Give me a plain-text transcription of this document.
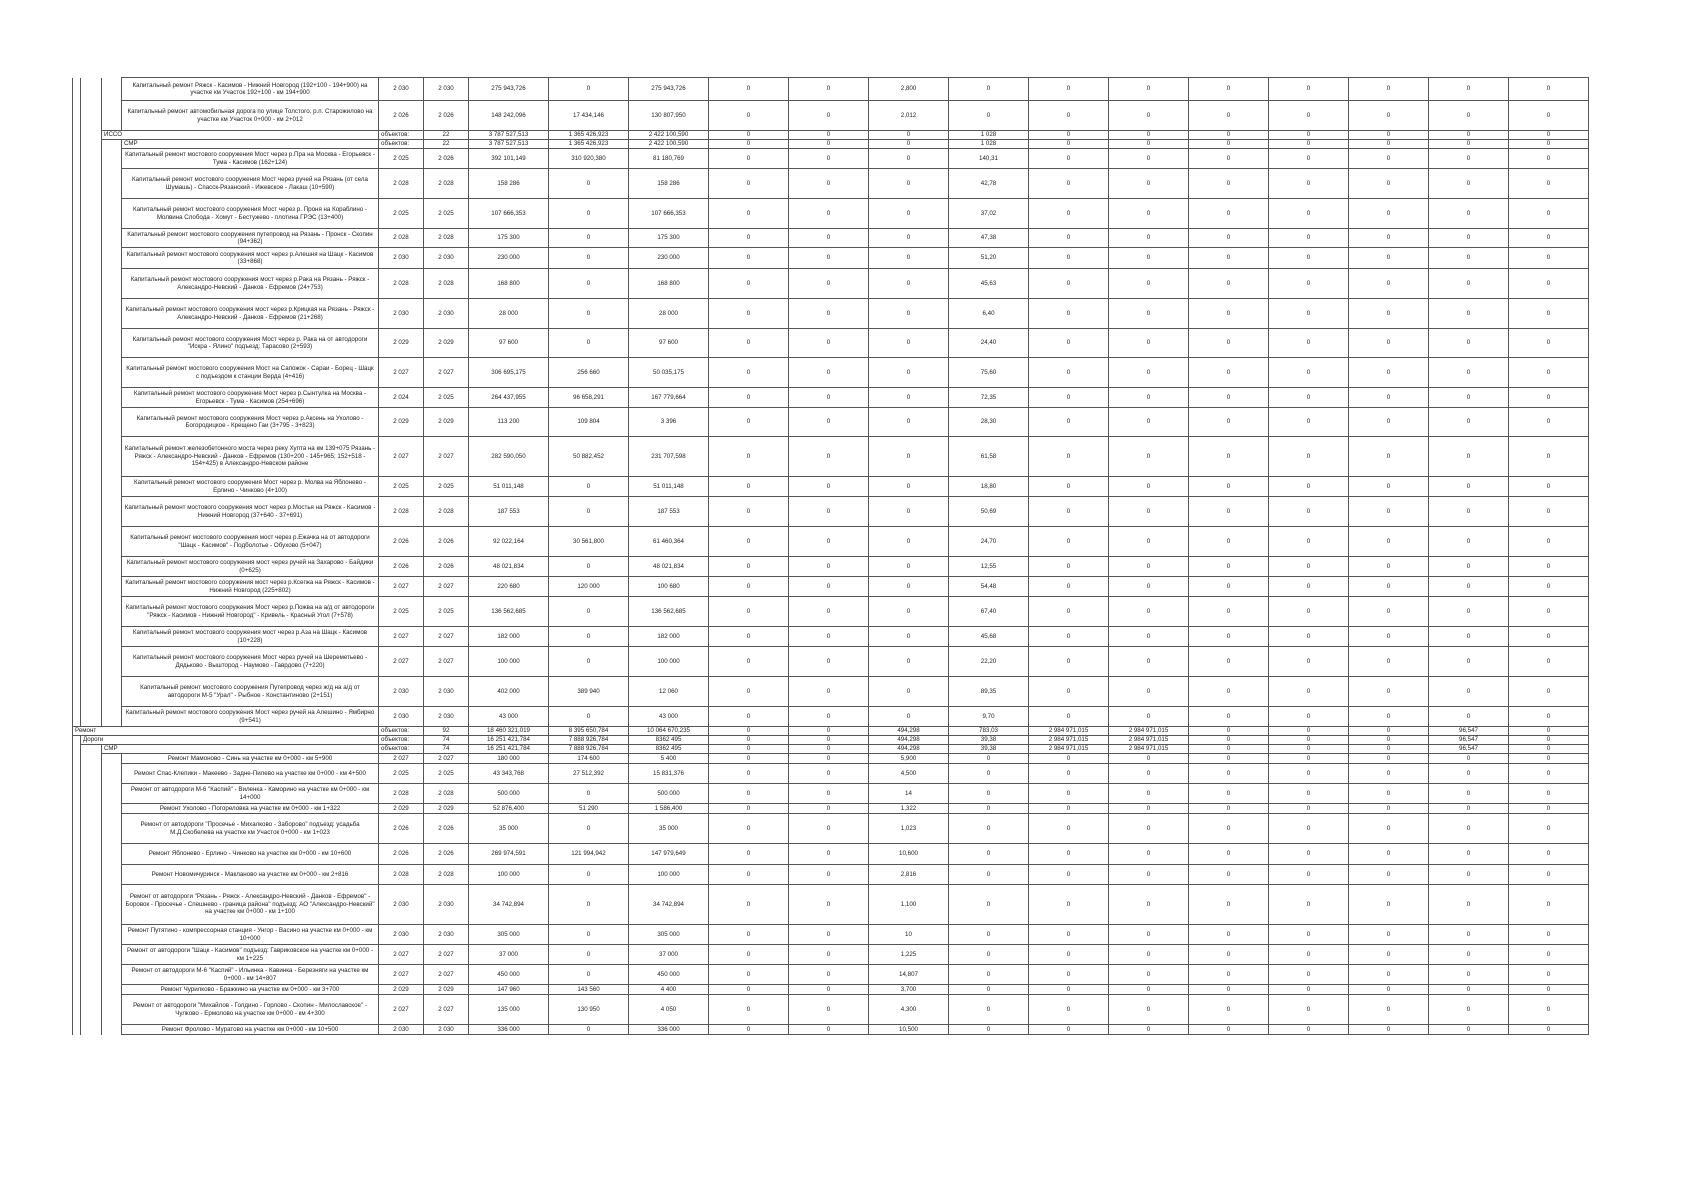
			Капитальный ремонт Ряжск - Касимов - Нижний Новгород (192+100 - 194+900) на участке км Участок 192+100 - км 194+900	2 030	2 030	275 943,726	0	275 943,726	0	0	2,800	0	0	0	0	0	0	0	0
			Капитальный ремонт автомобильная дорога по улице Толстого, р.п. Старожилово на участке км Участок 0+000 - км 2+012	2 026	2 026	148 242,096	17 434,146	130 807,950	0	0	2,012	0	0	0	0	0	0	0	0
		ИССО		объектов:	22	3 787 527,513	1 365 426,923	2 422 100,590	0	0	0	1 028	0	0	0	0	0	0	0
			СМР	объектов:	22	3 787 527,513	1 365 426,923	2 422 100,590	0	0	0	1 028	0	0	0	0	0	0	0
			Капитальный ремонт мостового сооружения Мост через р.Пра на Москва - Егорьевск - Тума - Касимов (162+124)	2 025	2 026	392 101,149	310 920,380	81 180,769	0	0	0	140,31	0	0	0	0	0	0	0
			Капитальный ремонт мостового сооружения Мост через ручей на Рязань (от села Шумашь) - Спасск-Рязанский - Ижевское - Лакаш (10+590)	2 028	2 028	158 286	0	158 286	0	0	0	42,78	0	0	0	0	0	0	0
			Капитальный ремонт мостового сооружения Мост через р. Проня на Кораблино - Молвина Слобода - Хомут - Бестужево - плотина ГРЭС (13+400)	2 025	2 025	107 666,353	0	107 666,353	0	0	0	37,02	0	0	0	0	0	0	0
			Капитальный ремонт мостового сооружения путепровод на Рязань - Пронск - Скопин (94+362)	2 028	2 028	175 300	0	175 300	0	0	0	47,38	0	0	0	0	0	0	0
			Капитальный ремонт мостового сооружения мост через р.Алешня на Шацк - Касимов (33+868)	2 030	2 030	230 000	0	230 000	0	0	0	51,20	0	0	0	0	0	0	0
			Капитальный ремонт мостового сооружения мост через р.Рака на Рязань - Ряжск - Александро-Невский - Данков - Ефремов (24+753)	2 028	2 028	168 800	0	168 800	0	0	0	45,63	0	0	0	0	0	0	0
			Капитальный ремонт мостового сооружения мост через р.Крицкая на Рязань - Ряжск - Александро-Невский - Данков - Ефремов (21+268)	2 030	2 030	28 000	0	28 000	0	0	0	6,40	0	0	0	0	0	0	0
			Капитальный ремонт мостового сооружения Мост через р. Рака на от автодороги "Искра - Ялино" подъезд: Тарасово (2+593)	2 029	2 029	97 600	0	97 600	0	0	0	24,40	0	0	0	0	0	0	0
			Капитальный ремонт мостового сооружения Мост на Сапожок - Сараи - Борец - Шацк с подъездом к станции Верда (4+416)	2 027	2 027	306 695,175	256 660	50 035,175	0	0	0	75,60	0	0	0	0	0	0	0
			Капитальный ремонт мостового сооружения Мост через р.Сынтулка на Москва - Егорьевск - Тума - Касимов (254+696)	2 024	2 025	264 437,955	96 658,291	167 779,664	0	0	0	72,35	0	0	0	0	0	0	0
			Капитальный ремонт мостового сооружения Мост через р.Аксень на Ухолово - Богородицкое - Крещено Гаи (3+795 - 3+823)	2 029	2 029	113 200	109 804	3 396	0	0	0	28,30	0	0	0	0	0	0	0
			Капитальный ремонт железобетонного моста через реку Хупта на км 139+075 Рязань - Ряжск - Александро-Невский - Данков - Ефремов (130+200 - 145+965; 152+518 - 154+425) в Александро-Невском районе	2 027	2 027	282 590,050	50 882,452	231 707,598	0	0	0	61,58	0	0	0	0	0	0	0
			Капитальный ремонт мостового сооружения Мост через р. Молва на Яблонево - Ерлино - Чинково (4+100)	2 025	2 025	51 011,148	0	51 011,148	0	0	0	18,80	0	0	0	0	0	0	0
			Капитальный ремонт мостового сооружения мост через р.Мостья на Ряжск - Касимов - Нижний Новгород (37+640 - 37+691)	2 028	2 028	187 553	0	187 553	0	0	0	50,69	0	0	0	0	0	0	0
			Капитальный ремонт мостового сооружения мост через р.Ежачка на от автодороги "Шацк - Касимов" - Подболотье - Обухово (5+047)	2 026	2 026	92 022,164	30 561,800	61 460,364	0	0	0	24,70	0	0	0	0	0	0	0
			Капитальный ремонт мостового сооружения мост через ручей на Захарово - Байдики (0+625)	2 026	2 026	48 021,834	0	48 021,834	0	0	0	12,55	0	0	0	0	0	0	0
			Капитальный ремонт мостового сооружения мост через р.Ксегжа на Ряжск - Касимов - Нижний Новгород (225+802)	2 027	2 027	220 680	120 000	100 680	0	0	0	54,48	0	0	0	0	0	0	0
			Капитальный ремонт мостового сооружения Мост через р.Пожва на а/д от автодороги "Ряжск - Касимов - Нижний Новгород" - Кривель - Красный Угол (7+578)	2 025	2 025	136 562,685	0	136 562,685	0	0	0	67,40	0	0	0	0	0	0	0
			Капитальный ремонт мостового сооружения мост через р.Аза на Шацк - Касимов (10+228)	2 027	2 027	182 000	0	182 000	0	0	0	45,68	0	0	0	0	0	0	0
			Капитальный ремонт мостового сооружения Мост через ручей на Шереметьево - Дядьково - Выштород - Наумово - Гаврдово (7+220)	2 027	2 027	100 000	0	100 000	0	0	0	22,20	0	0	0	0	0	0	0
			Капитальный ремонт мостового сооружения Путепровод через ж/д на а/д от автодороги М-5 "Урал" - Рыбное - Константиново (2+151)	2 030	2 030	402 000	389 940	12 060	0	0	0	89,35	0	0	0	0	0	0	0
			Капитальный ремонт мостового сооружения Мост через ручей на Алешино - Ямбирно (9+541)	2 030	2 030	43 000	0	43 000	0	0	0	9,70	0	0	0	0	0	0	0
Ремонт				объектов:	92	18 460 321,019	8 395 650,784	10 064 670,235	0	0	494,298	783,03	2 984 971,015	2 984 971,015	0	0	0	96,547	0
	Дороги			объектов:	74	16 251 421,784	7 888 926,784	8362 495	0	0	494,298	39,38	2 984 971,015	2 984 971,015	0	0	0	96,547	0
		СМР		объектов:	74	16 251 421,784	7 888 926,784	8362 495	0	0	494,298	39,38	2 984 971,015	2 984 971,015	0	0	0	96,547	0
			Ремонт Мамоново - Синь на участке км 0+000 - км 5+900	2 027	2 027	180 000	174 600	5 400	0	0	5,900	0	0	0	0	0	0	0	0
			Ремонт Спас-Клепики - Макеево - Задне-Пилево на участке км 0+000 - км 4+500	2 025	2 025	43 343,768	27 512,392	15 831,376	0	0	4,500	0	0	0	0	0	0	0	0
			Ремонт от автодороги М-6 "Каспий" - Виленка - Каморино на участке км 0+000 - км 14+000	2 028	2 028	500 000	0	500 000	0	0	14	0	0	0	0	0	0	0	0
			Ремонт Ухолово - Погореловка на участке км 0+000 - км 1+322	2 029	2 029	52 876,400	51 290	1 586,400	0	0	1,322	0	0	0	0	0	0	0	0
			Ремонт от автодороги "Просечье - Михалково - Заборово" подъезд: усадьба М.Д.Скобелева на участке км Участок 0+000 - км 1+023	2 026	2 026	35 000	0	35 000	0	0	1,023	0	0	0	0	0	0	0	0
			Ремонт Яблонево - Ерлино - Чинково на участке км 0+000 - км 10+600	2 026	2 026	269 974,591	121 994,942	147 979,649	0	0	10,600	0	0	0	0	0	0	0	0
			Ремонт Новомичуринск - Макланово на участке км 0+000 - км 2+816	2 028	2 028	100 000	0	100 000	0	0	2,816	0	0	0	0	0	0	0	0
			Ремонт от автодороги "Рязань - Ряжск - Александро-Невский - Данков - Ефремов" - Боровок - Просечье - Спешнево - граница района" подъезд: АО "Александро-Невский" на участке км 0+000 - км 1+100	2 030	2 030	34 742,894	0	34 742,894	0	0	1,100	0	0	0	0	0	0	0	0
			Ремонт Путятино - компрессорная станция - Унгор - Васино на участке км 0+000 - км 10+000	2 030	2 030	305 000	0	305 000	0	0	10	0	0	0	0	0	0	0	0
			Ремонт от автодороги "Шацк - Касимов" подъезд: Гавриковское на участке км 0+000 - км 1+225	2 027	2 027	37 000	0	37 000	0	0	1,225	0	0	0	0	0	0	0	0
			Ремонт от автодороги М-6 "Каспий" - Ильинка - Кавинка - Березняги на участке км 0+000 - км 14+807	2 027	2 027	450 000	0	450 000	0	0	14,807	0	0	0	0	0	0	0	0
			Ремонт Чурилково - Бражкино на участке км 0+000 - км 3+700	2 029	2 029	147 960	143 560	4 400	0	0	3,700	0	0	0	0	0	0	0	0
			Ремонт от автодороги "Михайлов - Голдино - Горлово - Скопин - Милославское" - Чулково - Ермолово на участке км 0+000 - км 4+300	2 027	2 027	135 000	130 950	4 050	0	0	4,300	0	0	0	0	0	0	0	0
			Ремонт Фролово - Муратово на участке км 0+000 - км 10+500	2 030	2 030	336 000	0	336 000	0	0	10,500	0	0	0	0	0	0	0	0
